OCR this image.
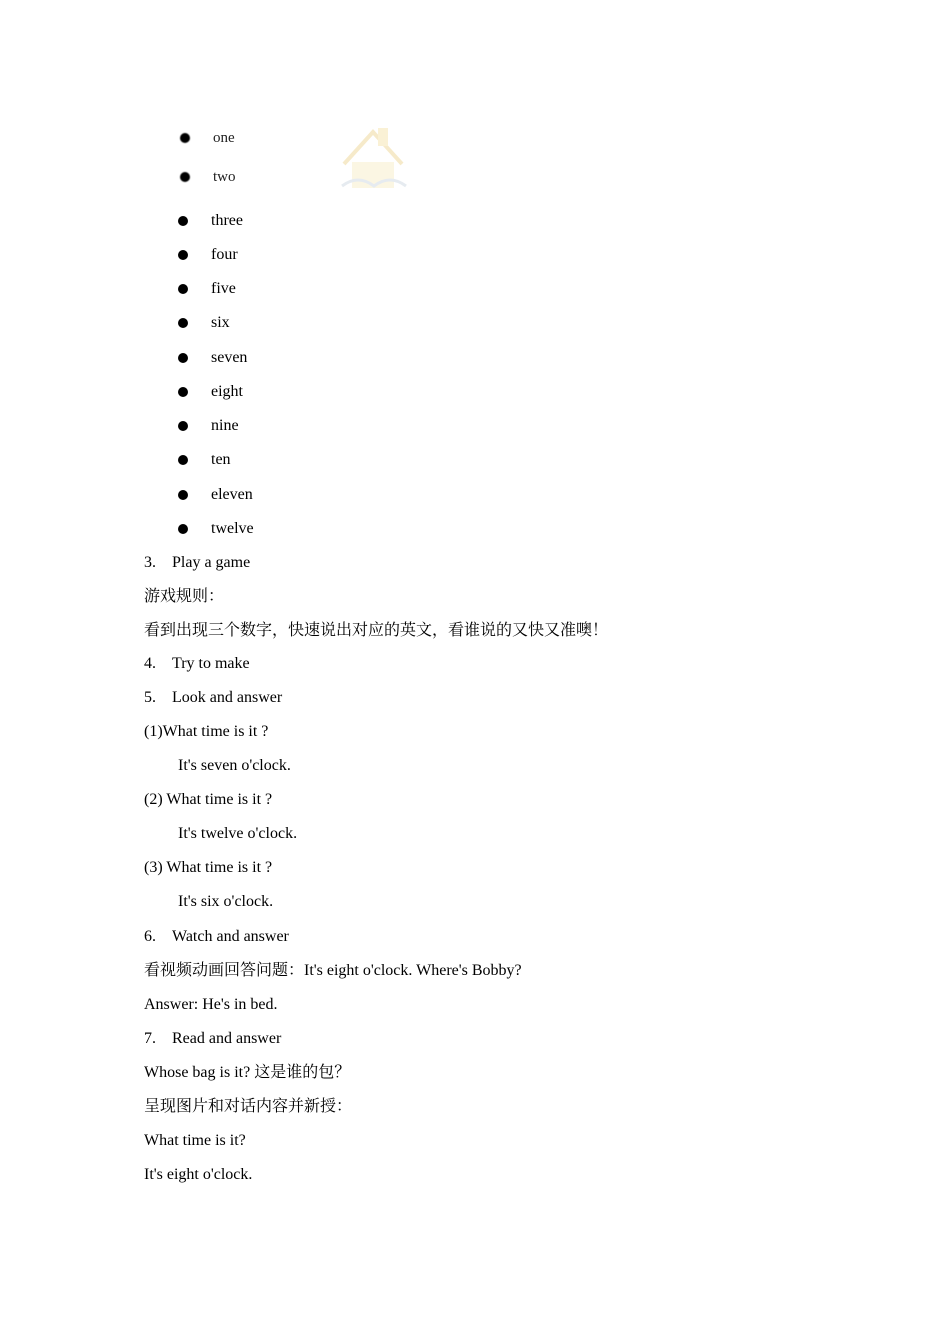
one
two
three
four
five
six
seven
eight
nine
ten
eleven
twelve
3. Play a game
游戏规则：
看到出现三个数字，快速说出对应的英文，看谁说的又快又准噢！
4. Try to make
5. Look and answer
(1)What time is it ?
It's seven o'clock.
(2) What time is it ?
It's twelve o'clock.
(3) What time is it ?
It's six o'clock.
6. Watch and answer
看视频动画回答问题：It's eight o'clock. Where's Bobby?
Answer: He's in bed.
7. Read and answer
Whose bag is it? 这是谁的包？
呈现图片和对话内容并新授：
What time is it?
It's eight o'clock.
